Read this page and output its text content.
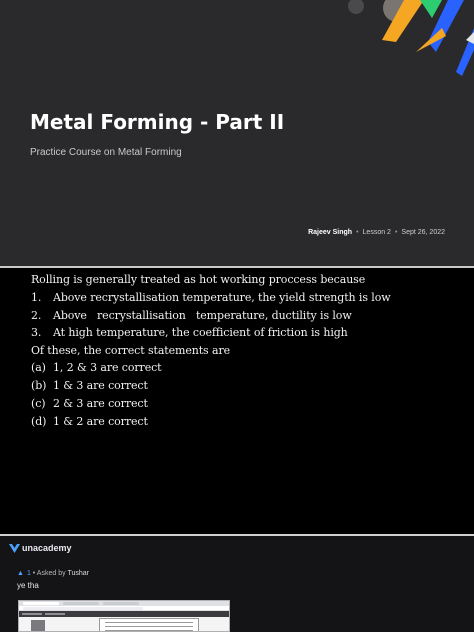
Metal Forming - Part II
Practice Course on Metal Forming
Rajeev Singh • Lesson 2 • Sept 26, 2022
Rolling is generally treated as hot working proccess because
1. Above recrystallisation temperature, the yield strength is low
2. Above   recrystallisation   temperature, ductility is low
3. At high temperature, the coefficient of friction is high
Of these, the correct statements are
(a) 1, 2 & 3 are correct
(b) 1 & 3 are correct
(c) 2 & 3 are correct
(d) 1 & 2 are correct
unacademy
▲ 1 • Asked by Tushar
ye tha
